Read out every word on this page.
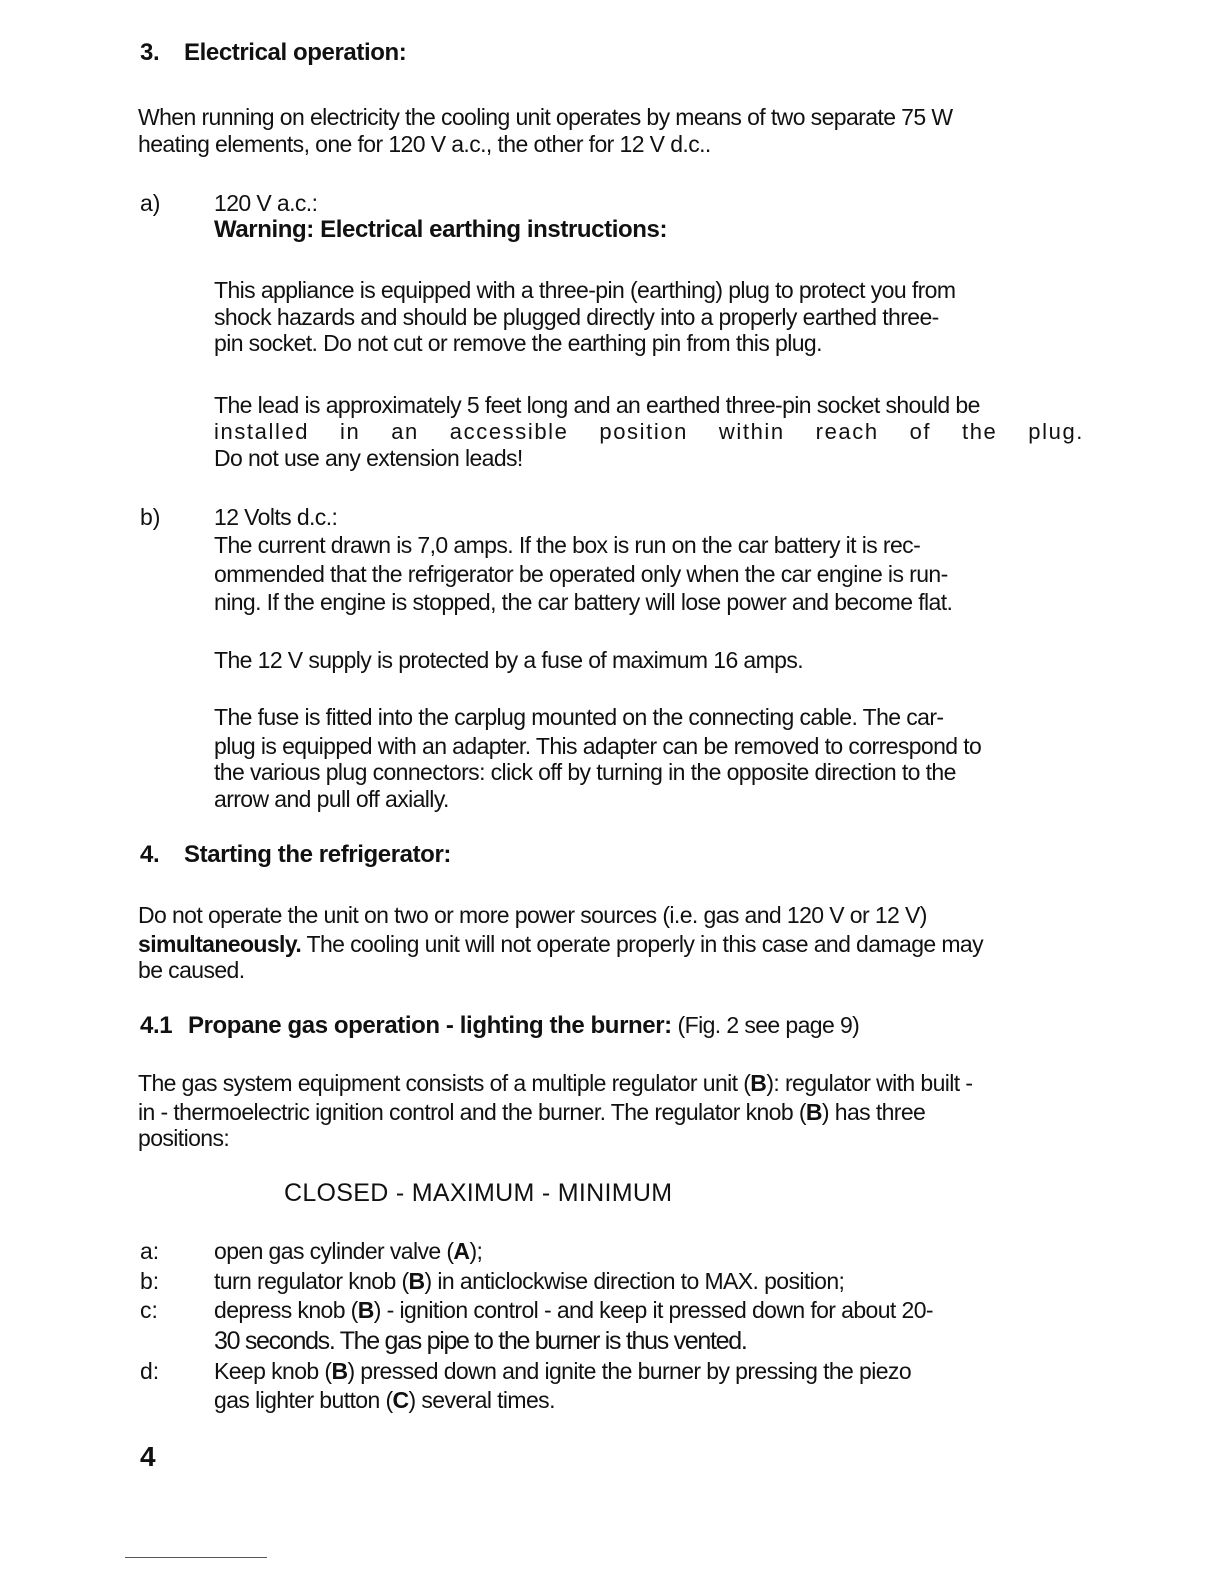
3. Electrical operation:

When running on electricity the cooling unit operates by means of two separate 75 W
heating elements, one for 120 V a.c., the other for 12 V d.c..

a) 120 V a.c.:

Warning: Electrical earthing instructions:

This appliance is equipped with a three-pin (earthing) plug to protect you from
shock hazards and should be plugged directly into a properly earthed three-
pin socket. Do not cut or remove the earthing pin from this plug.

The lead is approximately 5 feet long and an earthed three-pin socket should be
installed in an accessible position within reach of the plug.
Do not use any extension leads!

b) 12 Volts d.c.:

The current drawn is 7,0 amps. If the box is run on the car battery it is rec-
ommended that the refrigerator be operated only when the car engine is run-
ning. If the engine is stopped, the car battery will lose power and become flat.

The 12 V supply is protected by a fuse of maximum 16 amps.

The fuse is fitted into the carplug mounted on the connecting cable. The car-
plug is equipped with an adapter. This adapter can be removed to correspond to
the various plug connectors: click off by turning in the opposite direction to the
arrow and pull off axially.

4. Starting the refrigerator:

Do not operate the unit on two or more power sources (i.e. gas and 120 V or 12 V)
simultaneously. The cooling unit will not operate properly in this case and damage may
be caused.

4.1 Propane gas operation - lighting the burner: (Fig. 2 see page 9)

The gas system equipment consists of a multiple regulator unit (B): regulator with built -
in - thermoelectric ignition control and the burner. The regulator knob (B) has three
positions:

CLOSED - MAXIMUM - MINIMUM

a: open gas cylinder valve (A);

b: turn regulator knob (B) in anticlockwise direction to MAX. position;

c: depress knob (B) - ignition control - and keep it pressed down for about 20-
30 seconds. The gas pipe to the burner is thus vented.

d: Keep knob (B) pressed down and ignite the burner by pressing the piezo
gas lighter button (C) several times.

4
